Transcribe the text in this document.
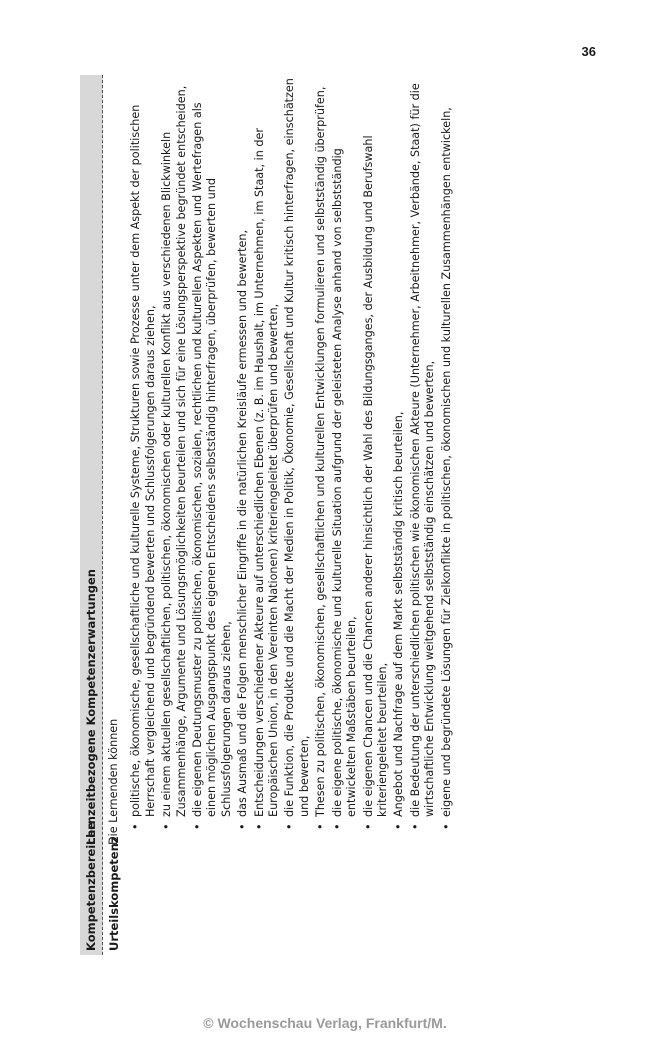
36
Kompetenzbereiche
Lernzeitbezogene Kompetenzerwartungen
Urteilskompetenz

Die Lernenden können • politische, ökonomische, gesellschaftliche und kulturelle Systeme, Strukturen sowie Prozesse unter dem Aspekt der politischen Herrschaft vergleichend und begründend bewerten und Schlussfolgerungen daraus ziehen, • zu einem aktuellen gesellschaftlichen, politischen, ökonomischen oder kulturellen Konflikt aus verschiedenen Blickwinkeln Zusammenhänge, Argumente und Lösungsmöglichkeiten beurteilen und sich für eine Lösungsperspektive begründet entscheiden, • die eigenen Deutungsmuster zu politischen, ökonomischen, sozialen, rechtlichen und kulturellen Aspekten und Wertefragen als einen möglichen Ausgangspunkt des eigenen Entscheidens selbstständig hinterfragen, überprüfen, bewerten und Schlussfolgerungen daraus ziehen, • das Ausmaß und die Folgen menschlicher Eingriffe in die natürlichen Kreisläufe ermessen und bewerten, • Entscheidungen verschiedener Akteure auf unterschiedlichen Ebenen (z. B. im Haushalt, im Unternehmen, im Staat, in der Europäischen Union, in den Vereinten Nationen) kriteriengeleitet überprüfen und bewerten, • die Funktion, die Produkte und die Macht der Medien in Politik, Ökonomie, Gesellschaft und Kultur kritisch hinterfragen, einschätzen und bewerten, • Thesen zu politischen, ökonomischen, gesellschaftlichen und kulturellen Entwicklungen formulieren und selbstständig überprüfen, • die eigene politische, ökonomische und kulturelle Situation aufgrund der geleisteten Analyse anhand von selbstständig entwickelten Maßstäben beurteilen, • die eigenen Chancen und die Chancen anderer hinsichtlich der Wahl des Bildungsganges, der Ausbildung und Berufswahl kriteriengeleitet beurteilen, • Angebot und Nachfrage auf dem Markt selbstständig kritisch beurteilen, • die Bedeutung der unterschiedlichen politischen wie ökonomischen Akteure (Unternehmer, Arbeitnehmer, Verbände, Staat) für die wirtschaftliche Entwicklung weitgehend selbstständig einschätzen und bewerten, • eigene und begründete Lösungen für Zielkonflikte in politischen, ökonomischen und kulturellen Zusammenhängen entwickeln,
© Wochenschau Verlag, Frankfurt/M.
